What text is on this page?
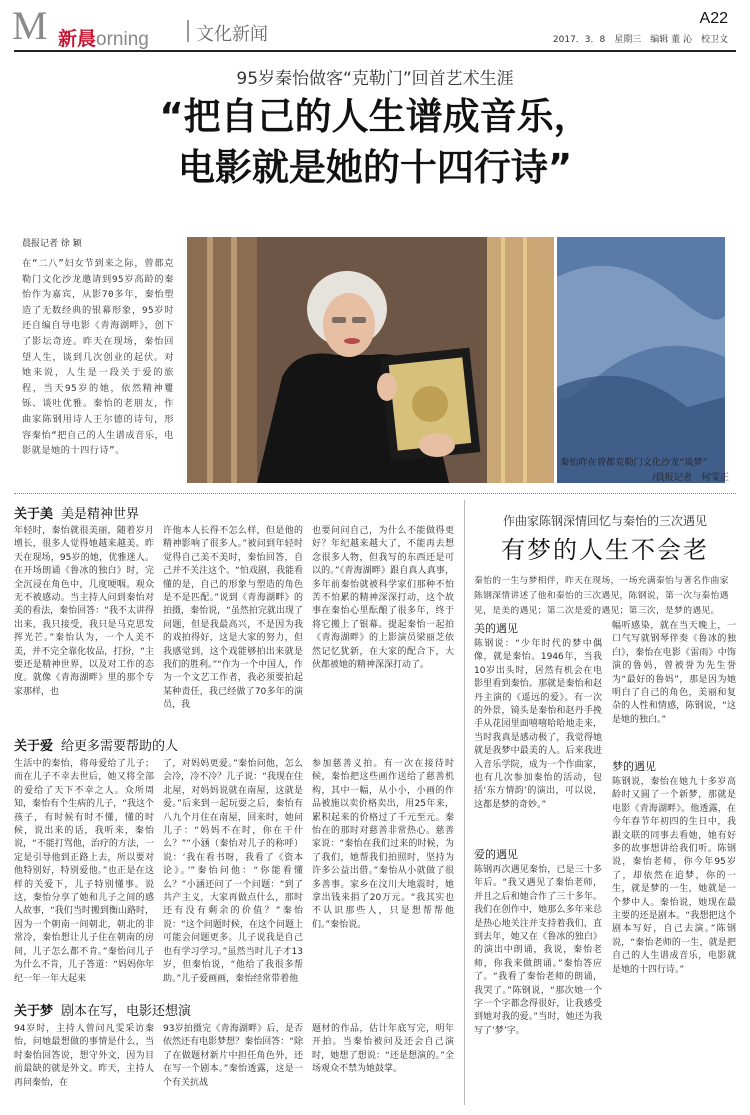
M 新晨orning	文化新闻
A22
2017．3．8　星期三　编辑 董 沁　校卫文
95岁秦怡做客“克勒门”回首艺术生涯
“把自己的人生谱成音乐，
电影就是她的十四行诗”
晨报记者 徐 颖
在“二八”妇女节到来之际，曾都克勒门文化沙龙邀请到95岁高龄的秦怡作为嘉宾，从影70多年，秦怡塑造了无数经典的银幕形象，95岁时还自编自导电影《青海湖畔》，创下了影坛奇迹。昨天在现场，秦怡回望人生，谈到几次创业的起伏。对她来说，人生是一段关于爱的旅程，当天95岁的她，依然精神矍铄、谈吐优雅。秦怡的老朋友，作曲家陈钢用诗人王尔德的诗句，形容秦怡“把自己的人生谱成音乐，电影就是她的十四行诗”。
秦怡昨在曾都克勒门文化沙龙“谈梦”
/晨报记者　何雯正
关于美 美是精神世界
年轻时，秦怡就很美丽，随着岁月增长，很多人觉得她越来越美。昨天在现场，95岁的她，优雅迷人。在开场朗诵《鲁冰的独白》时，完全沉浸在角色中，几度哽咽。观众无不被感动。当主持人问到秦怡对美的看法，秦怡回答：“我不太讲得出来，我只接受，我只是马克思发挥光芒。”秦怡认为，一个人美不美，并不完全靠化妆品，打扮，“主要还是精神世界，以及对工作的态度。就像《青海湖畔》里的那个专家那样，也
许他本人长得不怎么样，但是他的精神影响了很多人。”被问到年轻时觉得自己美不美时，秦怡回答，自己并不关注这个。“怕戏剧，我能看懂的是，自己的形象与塑造的角色是不是匹配。”说到《青海湖畔》的拍摄，秦怡说，“虽然拍完就出现了问题，但是我最高兴，不是因为我的戏拍得好，这是大家的努力，但我感觉到，这个戏能够拍出来就是我们的胜利。”“作为一个中国人，作为一个文艺工作者，我必须要拍起某种责任，我已经做了70多年的演员，我
也要问问自己，为什么不能做得更好？年纪越来越大了，不能再去想念很多人物，但我写的东西还是可以的。”《青海湖畔》跟自真人真事，多年前秦怡就被科学家们那种不怕苦不怕累的精神深深打动，这个故事在秦怡心里酝酿了很多年，终于将它搬上了银幕。提起秦怡一起拍《青海湖畔》的上影演员梁丽芝依然记忆犹新，在大家的配合下，大伙都被她的精神深深打动了。
关于爱 给更多需要帮助的人
生活中的秦怡，将母爱给了儿子；而在儿子不幸去世后，她又将全部的爱给了天下不幸之人。众所周知，秦怡有个生病的儿子，“我这个孩子，有时候有时不懂，懂的时候，说出来的话，我听来，秦怡说，“不能打骂他，治疗的方法，一定是引导他到正路上去，所以要对他特别好，特别爱他。”也正是在这样的关爱下，儿子特别懂事。说这，秦怡分享了她和儿子之间的感人故事，“我们当时搬到衡山路时，因为一个朝南一间朝北，朝北的非常冷，秦怡想让儿子住在朝南的房间，儿子怎么都不肯。”秦怡问儿子为什么不肯，儿子答道：“妈妈你年纪一年一年大起来
了，对妈妈更爱。”秦怡问他，怎么会冷，冷不冷？儿子说：“我现在住北屋，对妈妈说就在南屋，这就是爱。”后来到一起玩耍之后，秦怡有八九个月住在南屋，回来时，她问儿子：“妈妈不在时，你在干什么？”“小涵（秦怡对儿子的称呼）说：‘我在看书呀，我看了《资本论》。’”秦怡问他：“你能看懂么？”小涵还问了一个问题：“到了共产主义，大家再做点什么，那时还有没有剩余的价值？”秦怡说：“这个问题时候，在这个问题上可能会问题更多。儿子说我是自己也有学习学习。”虽然当时儿子才13岁，但秦怡说，“他给了我很多帮助。”儿子爱画画，秦怡经常带着他
参加慈善义拍。有一次在接待时候，秦怡把这些画作送给了慈善机构，其中一幅，从小小，小画的作品被施以卖价格卖出，用25年来，累积起来的价格过了千元至元。秦怡在的那时对慈善非常热心。慈善家说：“秦怡在我们过来的时候，为了我们，她帮我们拍照时，坚持为许多公益出借。”秦怡从小就做了很多善事。家乡在汶川大地震时，她拿出钱来捐了20万元。“我其实也不认识那些人，只是想帮帮他们。”秦怡说。
关于梦 剧本在写，电影还想演
94岁时，主持人曾问凡雯采访秦怡，问她最想做的事情是什么，当时秦怡回答说，想守外文，因为目前最缺的就是外文。昨天，主持人再问秦怡，在
93岁拍摄完《青海湖畔》后，是否依然还有电影梦想？秦怡回答：“除了在做题材新片中担任角色外，还在写一个剧本。”秦怡透露，这是一个有关抗战
题材的作品，估计年底写完，明年开拍。当秦怡被问及还会自己演时，她想了想说：“还是想演的。”全场观众不禁为她鼓掌。
作曲家陈钢深情回忆与秦怡的三次遇见
有梦的人生不会老
秦怡的一生与梦相伴，昨天在现场，一场充满秦怡与著名作曲家陈钢深情讲述了他和秦怡的三次遇见，陈钢说，第一次与秦怡遇见，是美的遇见；第二次是爱的遇见；第三次，是梦的遇见。
美的遇见
陈钢说：“少年时代的梦中偶像，就是秦怡。1946年，当我10岁出头时，居然有机会在电影里看到秦怡。那就是秦怡和赵丹主演的《遥远的爱》。有一次的外景，镜头是秦怡和赵丹手挽手从花园里面嘻嘻哈哈地走来，当时我真是感动极了，我觉得她就是我梦中最美的人。后来我进入音乐学院，成为一个作曲家，也有几次参加秦怡的活动，包括‘东方情韵’的演出，可以说，这都是梦的奇妙。”
爱的遇见
陈钢再次遇见秦怡，已是三十多年后。“我又遇见了秦怡老师，并且之后和她合作了三十多年。我们在创作中，她那么多年来总是热心地关注并支持着我们，直到去年，她又在《鲁冰的独白》的演出中朗诵，我说，秦怡老师，你我来做朗诵。”秦怡答应了。“我看了秦怡老师的朗诵，我哭了。”陈钢说，“那次她一个字一个字都念得很好，让我感受到她对我的爱。”当时，她还为我写了‘梦’字。
幅听感染，就在当天晚上，一口气写就钢琴伴奏《鲁冰的独白》，秦怡在电影《雷雨》中饰演的鲁妈，曾被誉为先生誉为“最好的鲁妈”，那是因为她明白了自己的角色，美丽和复杂的人性和情感，陈钢说，“这是她的独白。”
梦的遇见
陈钢说，秦怡在她九十多岁高龄时又圆了一个新梦，那就是电影《青海湖畔》。他透露，在今年春节年初四的生日中，我跟文联的同事去看她，她有好多的故事想讲给我们听。陈钢说，秦怡老师，你今年95岁了，却依然在追梦，你的一生，就是梦的一生，她就是一个梦中人。秦怡说，她现在最主要的还是剧本。“我想把这个剧本写好，自己去演。”陈钢说，“秦怡老师的一生，就是把自己的人生谱成音乐，电影就是她的十四行诗。”
